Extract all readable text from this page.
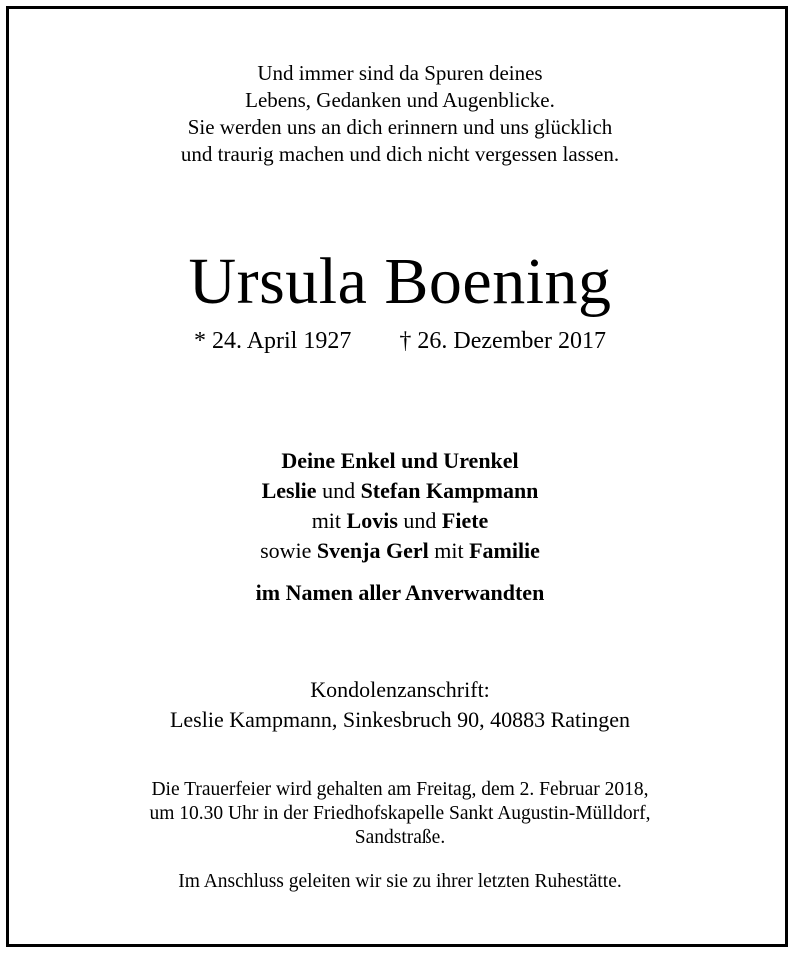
Und immer sind da Spuren deines
Lebens, Gedanken und Augenblicke.
Sie werden uns an dich erinnern und uns glücklich
und traurig machen und dich nicht vergessen lassen.
Ursula Boening
* 24. April 1927 † 26. Dezember 2017
Deine Enkel und Urenkel
Leslie und Stefan Kampmann
mit Lovis und Fiete
sowie Svenja Gerl mit Familie
im Namen aller Anverwandten
Kondolenzanschrift:
Leslie Kampmann, Sinkesbruch 90, 40883 Ratingen
Die Trauerfeier wird gehalten am Freitag, dem 2. Februar 2018,
um 10.30 Uhr in der Friedhofskapelle Sankt Augustin-Mülldorf,
Sandstraße.
Im Anschluss geleiten wir sie zu ihrer letzten Ruhestätte.
